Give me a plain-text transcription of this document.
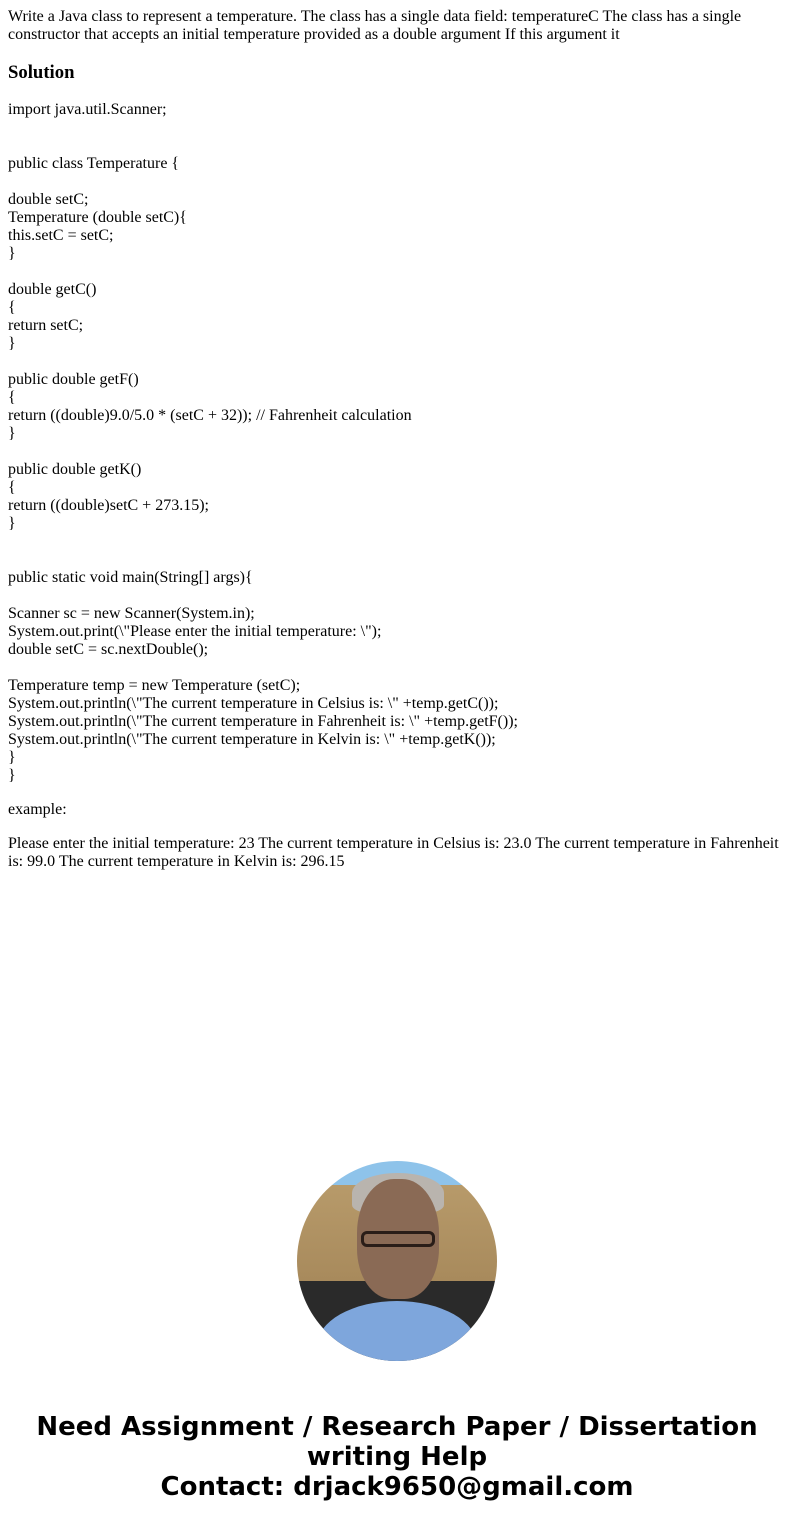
Write a Java class to represent a temperature. The class has a single data field: temperatureC The class has a single constructor that accepts an initial temperature provided as a double argument If this argument it

Solution

import java.util.Scanner;
public class Temperature {
double setC;
Temperature (double setC){
this.setC = setC;
}
double getC()
{
return setC;
}
public double getF()
{
return ((double)9.0/5.0 * (setC + 32)); // Fahrenheit calculation
}
public double getK()
{
return ((double)setC + 273.15);
}
public static void main(String[] args){
Scanner sc = new Scanner(System.in);
System.out.print(\"Please enter the initial temperature: \");
double setC = sc.nextDouble();
Temperature temp = new Temperature (setC);
System.out.println(\"The current temperature in Celsius is: \" +temp.getC());
System.out.println(\"The current temperature in Fahrenheit is: \" +temp.getF());
System.out.println(\"The current temperature in Kelvin is: \" +temp.getK());
}
}

example:

Please enter the initial temperature: 23 The current temperature in Celsius is: 23.0 The current temperature in Fahrenheit is: 99.0 The current temperature in Kelvin is: 296.15

Need Assignment / Research Paper / Dissertation
writing Help
Contact: drjack9650@gmail.com
